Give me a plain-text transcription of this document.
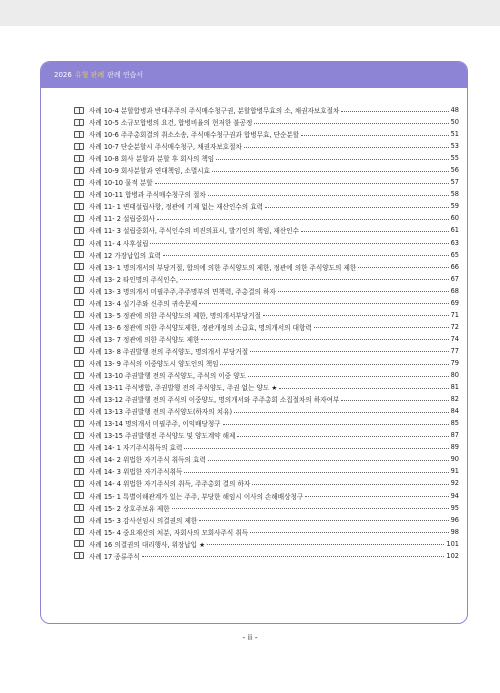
2026 유형 판례 판례 연습서
사례 10-4 분할합병과 반대주주의 주식매수청구권, 분할합병무효의 소, 채권자보호절차	48
사례 10-5 소규모합병의 요건, 합병비율의 현저한 불공정	50
사례 10-6 주주총회결의 취소소송, 주식매수청구권과 합병무효, 단순분할	51
사례 10-7 단순분할시 주식매수청구, 채권자보호절차	53
사례 10-8 회사 분할과 분할 후 회사의 책임	55
사례 10-9 회사분할과 연대책임, 소멸시효	56
사례 10-10 물적 분할	57
사례 10-11 합병과 주식매수청구의 절차	58
사례 11- 1 변태설립사항, 정관에 기재 없는 재산인수의 효력	59
사례 11- 2 설립중회사	60
사례 11- 3 설립중회사, 주식인수의 비진의표시, 발기인의 책임, 재산인수	61
사례 11- 4 사후설립	63
사례 12 가장납입의 효력	65
사례 13- 1 명의개서의 부당거절, 합의에 의한 주식양도의 제한, 정관에 의한 주식양도의 제한	66
사례 13- 2 타인명의 주식인수,	67
사례 13- 3 명의개서 미필주주,주주명부의 면책력, 주총결의 하자	68
사례 13- 4 실기주와 신주의 귀속문제	69
사례 13- 5 정관에 의한 주식양도의 제한, 명의개서부당거절	71
사례 13- 6 정관에 의한 주식양도제한, 정관개정의 소급효, 명의개서의 대항력	72
사례 13- 7 정관에 의한 주식양도 제한	74
사례 13- 8 주권발행 전의 주식양도, 명의개서 부당거절	77
사례 13- 9 주식의 이중양도시 양도인의 책임	79
사례 13-10 주권발행 전의 주식양도, 주식의 이중 양도	80
사례 13-11 주식병합, 주권발행 전의 주식양도, 주권 없는 양도 ★	81
사례 13-12 주권발행 전의 주식의 이중양도, 명의개서와 주주총회 소집절차의 하자여부	82
사례 13-13 주권발행 전의 주식양도(하자의 치유)	84
사례 13-14 명의개서 미필주주, 이익배당청구	85
사례 13-15 주권발행전 주식양도 및 양도계약 해제	87
사례 14- 1 자기주식취득의 효력	89
사례 14- 2 위법한 자기주식 취득의 효력	90
사례 14- 3 위법한 자기주식취득	91
사례 14- 4 위법한 자기주식의 취득, 주주총회 결의 하자	92
사례 15- 1 특별이해관계가 있는 주주, 부당한 해임시 이사의 손해배상청구	94
사례 15- 2 상호주보유 제한	95
사례 15- 3 감사선임시 의결권의 제한	96
사례 15- 4 중요재산의 처분, 자회사의 모회사주식 취득	98
사례 16 의결권의 대리행사, 위장납입 ★	101
사례 17 종류주식	102
- ii -
